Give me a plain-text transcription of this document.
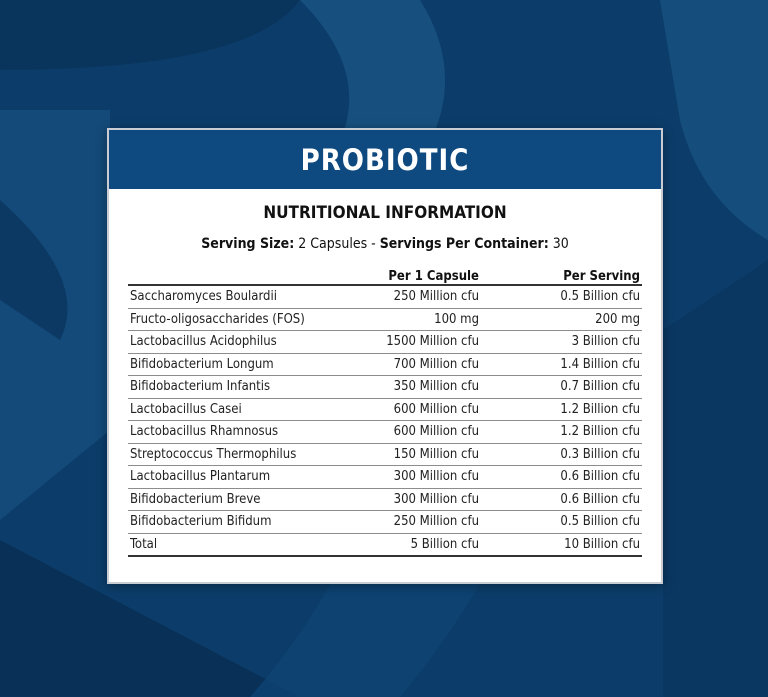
PROBIOTIC
NUTRITIONAL INFORMATION
Serving Size: 2 Capsules - Servings Per Container: 30
	Per 1 Capsule	Per Serving
Saccharomyces Boulardii	250 Million cfu	0.5 Billion cfu
Fructo-oligosaccharides (FOS)	100 mg	200 mg
Lactobacillus Acidophilus	1500 Million cfu	3 Billion cfu
Bifidobacterium Longum	700 Million cfu	1.4 Billion cfu
Bifidobacterium Infantis	350 Million cfu	0.7 Billion cfu
Lactobacillus Casei	600 Million cfu	1.2 Billion cfu
Lactobacillus Rhamnosus	600 Million cfu	1.2 Billion cfu
Streptococcus Thermophilus	150 Million cfu	0.3 Billion cfu
Lactobacillus Plantarum	300 Million cfu	0.6 Billion cfu
Bifidobacterium Breve	300 Million cfu	0.6 Billion cfu
Bifidobacterium Bifidum	250 Million cfu	0.5 Billion cfu
Total	5 Billion cfu	10 Billion cfu
